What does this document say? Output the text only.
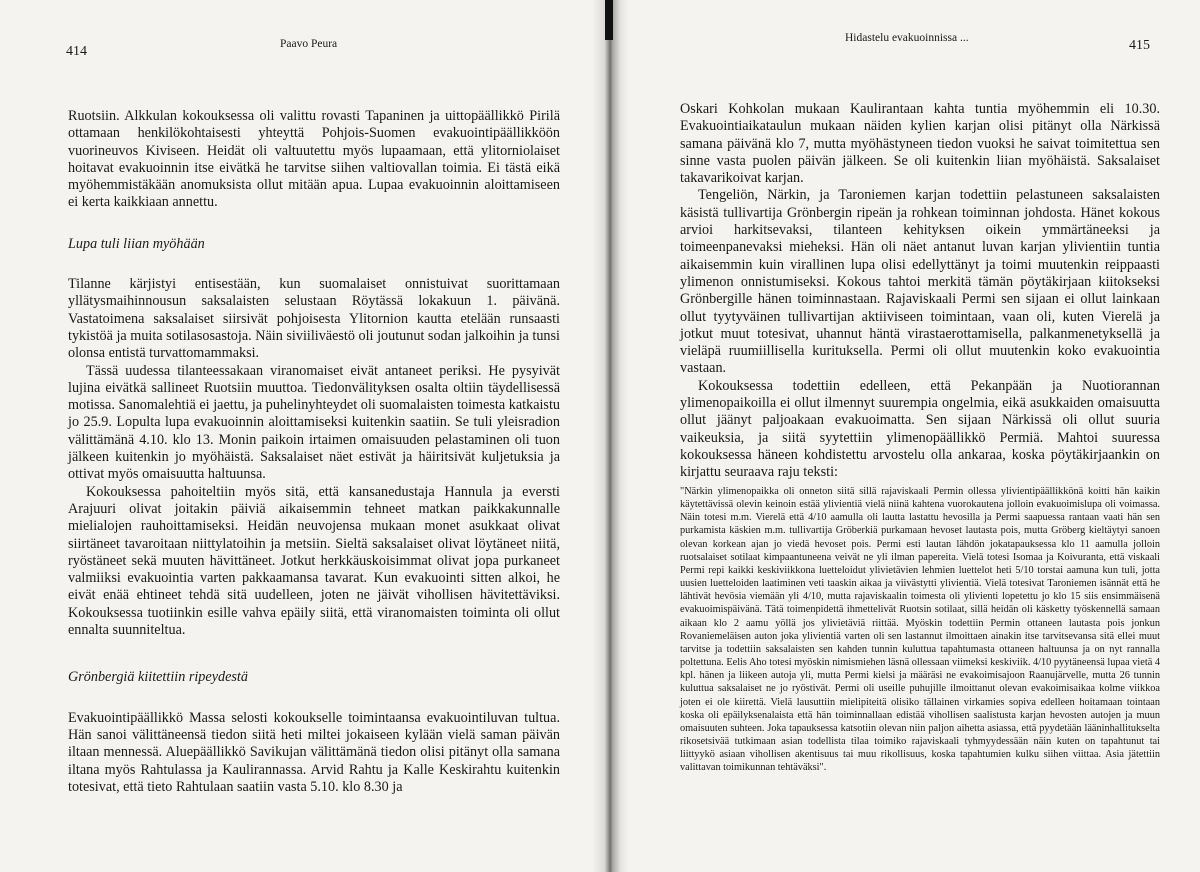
414	Paavo Peura

Ruotsiin. Alkkulan kokouksessa oli valittu rovasti Tapaninen ja uittopäällikkö Pirilä ottamaan henkilökohtaisesti yhteyttä Pohjois-Suomen evakuointipäällikköön vuorineuvos Kiviseen. Heidät oli valtuutettu myös lupaamaan, että ylitorniolaiset hoitavat evakuoinnin itse eivätkä he tarvitse siihen valtiovallan toimia. Ei tästä eikä myöhemmistäkään anomuksista ollut mitään apua. Lupaa evakuoinnin aloittamiseen ei kerta kaikkiaan annettu.

Lupa tuli liian myöhään

Tilanne kärjistyi entisestään, kun suomalaiset onnistuivat suorittamaan yllätysmaihinnousun saksalaisten selustaan Röytässä lokakuun 1. päivänä. Vastatoimena saksalaiset siirsivät pohjoisesta Ylitornion kautta etelään runsaasti tykistöä ja muita sotilasosastoja. Näin siviiliväestö oli joutunut sodan jalkoihin ja tunsi olonsa entistä turvattomammaksi.

Tässä uudessa tilanteessakaan viranomaiset eivät antaneet periksi. He pysyivät lujina eivätkä sallineet Ruotsiin muuttoa. Tiedonvälityksen osalta oltiin täydellisessä motissa. Sanomalehtiä ei jaettu, ja puhelinyhteydet oli suomalaisten toimesta katkaistu jo 25.9. Lopulta lupa evakuoinnin aloittamiseksi kuitenkin saatiin. Se tuli yleisradion välittämänä 4.10. klo 13. Monin paikoin irtaimen omaisuuden pelastaminen oli tuon jälkeen kuitenkin jo myöhäistä. Saksalaiset näet estivät ja häiritsivät kuljetuksia ja ottivat myös omaisuutta haltuunsa.

Kokouksessa pahoiteltiin myös sitä, että kansanedustaja Hannula ja eversti Arajuuri olivat joitakin päiviä aikaisemmin tehneet matkan paikkakunnalle mielialojen rauhoittamiseksi. Heidän neuvojensa mukaan monet asukkaat olivat siirtäneet tavaroitaan niittylatoihin ja metsiin. Sieltä saksalaiset olivat löytäneet niitä, ryöstäneet sekä muuten hävittäneet. Jotkut herkkäuskoisimmat olivat jopa purkaneet valmiiksi evakuointia varten pakkaamansa tavarat. Kun evakuointi sitten alkoi, he eivät enää ehtineet tehdä sitä uudelleen, joten ne jäivät vihollisen hävitettäviksi. Kokouksessa tuotiinkin esille vahva epäily siitä, että viranomaisten toiminta oli ollut ennalta suunniteltua.

Grönbergiä kiitettiin ripeydestä

Evakuointipäällikkö Massa selosti kokoukselle toimintaansa evakuointiluvan tultua. Hän sanoi välittäneensä tiedon siitä heti miltei jokaiseen kylään vielä saman päivän iltaan mennessä. Aluepäällikkö Savikujan välittämänä tiedon olisi pitänyt olla samana iltana myös Rahtulassa ja Kaulirannassa. Arvid Rahtu ja Kalle Keskirahtu kuitenkin totesivat, että tieto Rahtulaan saatiin vasta 5.10. klo 8.30 ja

Hidastelu evakuoinnissa ...	415

Oskari Kohkolan mukaan Kaulirantaan kahta tuntia myöhemmin eli 10.30. Evakuointiaikataulun mukaan näiden kylien karjan olisi pitänyt olla Närkissä samana päivänä klo 7, mutta myöhästyneen tiedon vuoksi he saivat toimitettua sen sinne vasta puolen päivän jälkeen. Se oli kuitenkin liian myöhäistä. Saksalaiset takavarikoivat karjan.

Tengeliön, Närkin, ja Taroniemen karjan todettiin pelastuneen saksalaisten käsistä tullivartija Grönbergin ripeän ja rohkean toiminnan johdosta. Hänet kokous arvioi harkitsevaksi, tilanteen kehityksen oikein ymmärtäneeksi ja toimeenpanevaksi mieheksi. Hän oli näet antanut luvan karjan ylivientiin tuntia aikaisemmin kuin virallinen lupa olisi edellyttänyt ja toimi muutenkin reippaasti ylimenon onnistumiseksi. Kokous tahtoi merkitä tämän pöytäkirjaan kiitokseksi Grönbergille hänen toiminnastaan. Rajaviskaali Permi sen sijaan ei ollut lainkaan ollut tyytyväinen tullivartijan aktiiviseen toimintaan, vaan oli, kuten Vierelä ja jotkut muut totesivat, uhannut häntä virastaerottamisella, palkanmenetyksellä ja vieläpä ruumiillisella kurituksella. Permi oli ollut muutenkin koko evakuointia vastaan.

Kokouksessa todettiin edelleen, että Pekanpään ja Nuotiorannan ylimenopaikoilla ei ollut ilmennyt suurempia ongelmia, eikä asukkaiden omaisuutta ollut jäänyt paljoakaan evakuoimatta. Sen sijaan Närkissä oli ollut suuria vaikeuksia, ja siitä syytettiin ylimenopäällikkö Permiä. Mahtoi suuressa kokouksessa häneen kohdistettu arvostelu olla ankaraa, koska pöytäkirjaankin on kirjattu seuraava raju teksti:

"Närkin ylimenopaikka oli onneton siitä sillä rajaviskaali Permin ollessa ylivientipäällikkönä koitti hän kaikin käytettävissä olevin keinoin estää ylivientiä vielä niinä kahtena vuorokautena jolloin evakuoimislupa oli voimassa. Näin totesi m.m. Vierelä että 4/10 aamulla oli lautta lastattu hevosilla ja Permi saapuessa rantaan vaati hän sen purkamista käskien m.m. tullivartija Gröberkiä purkamaan hevoset lautasta pois, mutta Gröberg kieltäytyi sanoen olevan korkean ajan jo viedä hevoset pois. Permi esti lautan lähdön jokatapauksessa klo 11 aamulla jolloin ruotsalaiset sotilaat kimpaantuneena veivät ne yli ilman papereita. Vielä totesi Isomaa ja Koivuranta, että viskaali Permi repi kaikki keskiviikkona luetteloidut ylivietävien lehmien luettelot heti 5/10 torstai aamuna kun tuli, jotta uusien luetteloiden laatiminen veti taaskin aikaa ja viivästytti ylivientiä. Vielä totesivat Taroniemen isännät että he lähtivät hevösia viemään yli 4/10, mutta rajaviskaalin toimesta oli ylivienti lopetettu jo klo 15 siis ensimmäisenä evakuoimispäivänä. Tätä toimenpidettä ihmettelivät Ruotsin sotilaat, sillä heidän oli käsketty työskennellä samaan aikaan klo 2 aamu yöllä jos ylivietäviä riittää. Myöskin todettiin Permin ottaneen lautasta pois jonkun Rovaniemeläisen auton joka ylivientiä varten oli sen lastannut ilmoittaen ainakin itse tarvitsevansa sitä ellei muut tarvitse ja todettiin saksalaisten sen kahden tunnin kuluttua tapahtumasta ottaneen haltuunsa ja on nyt rannalla poltettuna. Eelis Aho totesi myöskin nimismiehen läsnä ollessaan viimeksi keskiviik. 4/10 pyytäneensä lupaa vietä 4 kpl. hänen ja liikeen autoja yli, mutta Permi kielsi ja määräsi ne evakoimisajoon Raanujärvelle, mutta 26 tunnin kuluttua saksalaiset ne jo ryöstivät. Permi oli useille puhujille ilmoittanut olevan evakoimisaikaa kolme viikkoa joten ei ole kiirettä. Vielä lausuttiin mielipiteitä olisiko tällainen virkamies sopiva edelleen hoitamaan tointaan koska oli epäilyksenalaista että hän toiminnallaan edistää vihollisen saalistusta karjan hevosten autojen ja muun omaisuuten suhteen. Joka tapauksessa katsotiin olevan niin paljon aihetta asiassa, että pyydetään lääninhallitukselta rikosetsivää tutkimaan asian todellista tilaa toimiko rajaviskaali tyhmyydessään näin kuten on tapahtunut tai liittyykö asiaan vihollisen akentisuus tai muu rikollisuus, koska tapahtumien kulku siihen viittaa. Asia jätettiin valittavan toimikunnan tehtäväksi".
